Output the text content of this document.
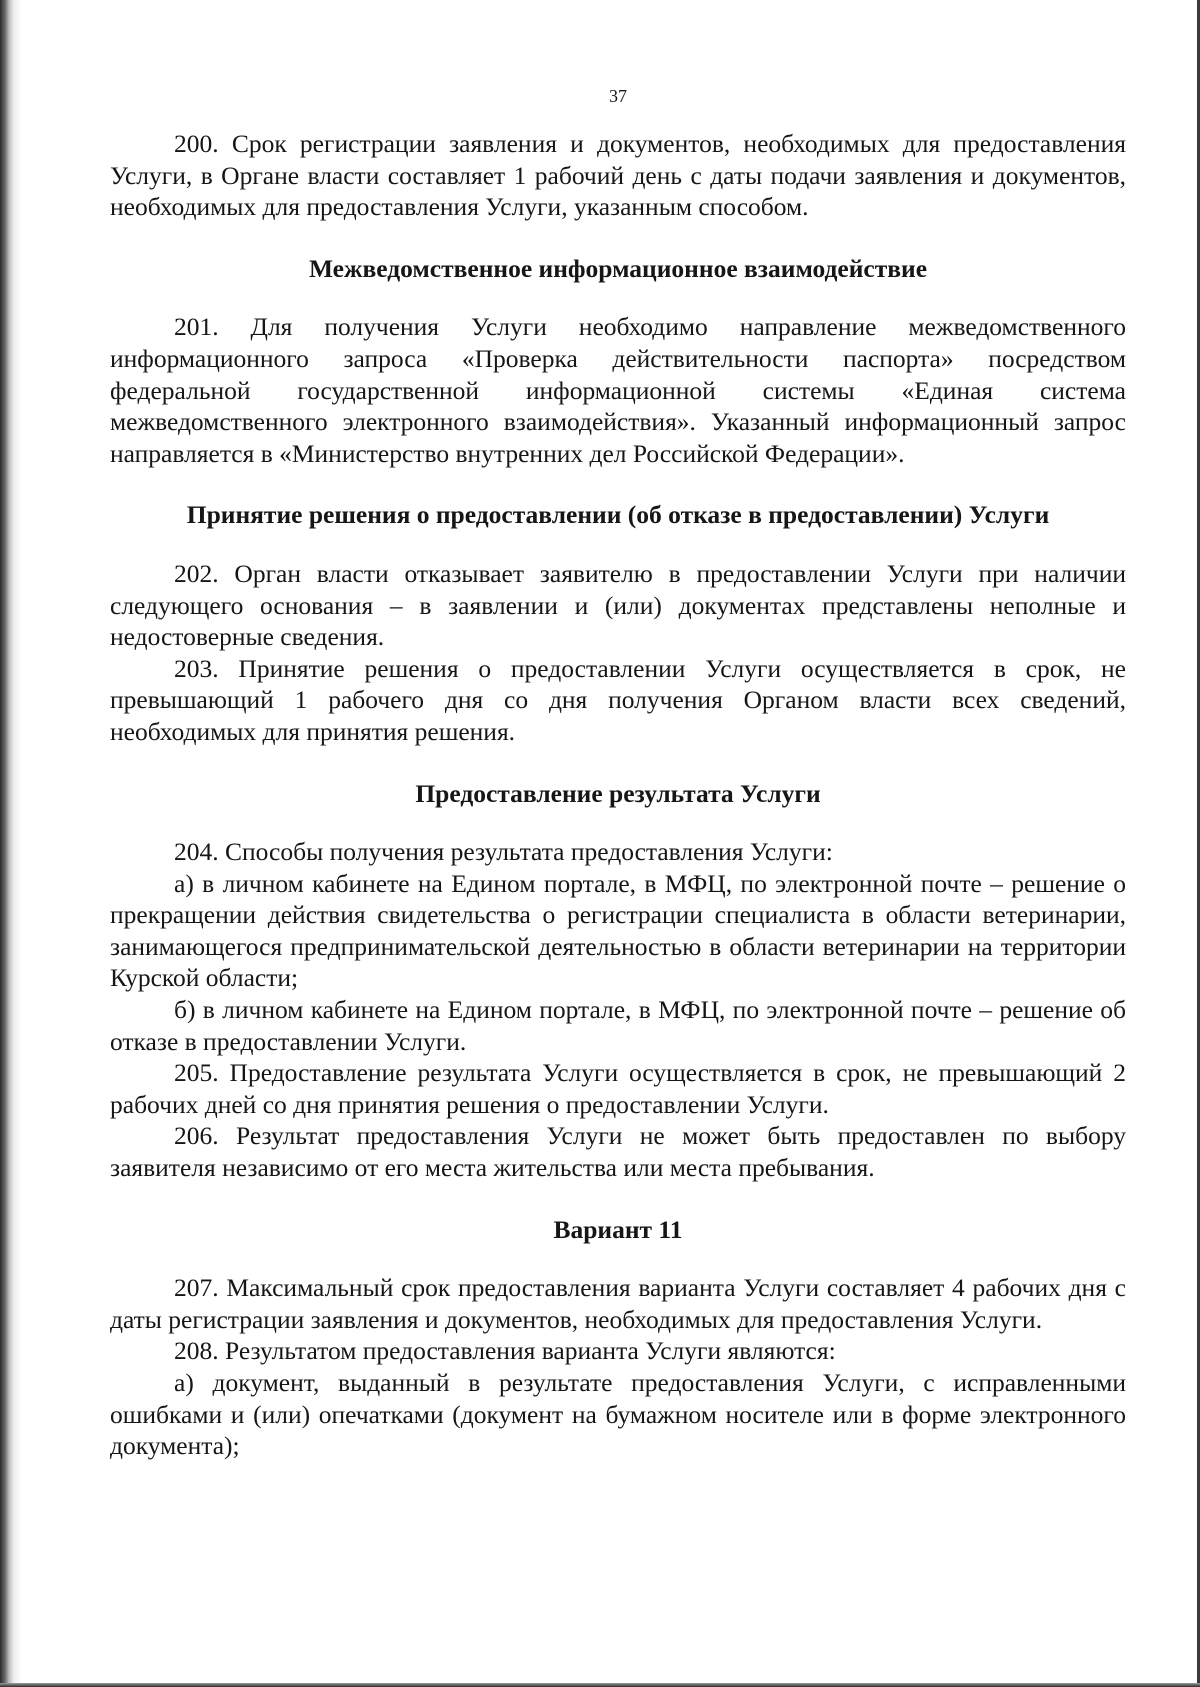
37

200. Срок регистрации заявления и документов, необходимых для предоставления Услуги, в Органе власти составляет 1 рабочий день с даты подачи заявления и документов, необходимых для предоставления Услуги, указанным способом.

Межведомственное информационное взаимодействие

201. Для получения Услуги необходимо направление межведомственного информационного запроса «Проверка действительности паспорта» посредством федеральной государственной информационной системы «Единая система межведомственного электронного взаимодействия». Указанный информационный запрос направляется в «Министерство внутренних дел Российской Федерации».

Принятие решения о предоставлении (об отказе в предоставлении) Услуги

202. Орган власти отказывает заявителю в предоставлении Услуги при наличии следующего основания – в заявлении и (или) документах представлены неполные и недостоверные сведения.

203. Принятие решения о предоставлении Услуги осуществляется в срок, не превышающий 1 рабочего дня со дня получения Органом власти всех сведений, необходимых для принятия решения.

Предоставление результата Услуги

204. Способы получения результата предоставления Услуги:

а) в личном кабинете на Едином портале, в МФЦ, по электронной почте – решение о прекращении действия свидетельства о регистрации специалиста в области ветеринарии, занимающегося предпринимательской деятельностью в области ветеринарии на территории Курской области;

б) в личном кабинете на Едином портале, в МФЦ, по электронной почте – решение об отказе в предоставлении Услуги.

205. Предоставление результата Услуги осуществляется в срок, не превышающий 2 рабочих дней со дня принятия решения о предоставлении Услуги.

206. Результат предоставления Услуги не может быть предоставлен по выбору заявителя независимо от его места жительства или места пребывания.

Вариант 11

207. Максимальный срок предоставления варианта Услуги составляет 4 рабочих дня с даты регистрации заявления и документов, необходимых для предоставления Услуги.

208. Результатом предоставления варианта Услуги являются:

а) документ, выданный в результате предоставления Услуги, с исправленными ошибками и (или) опечатками (документ на бумажном носителе или в форме электронного документа);
